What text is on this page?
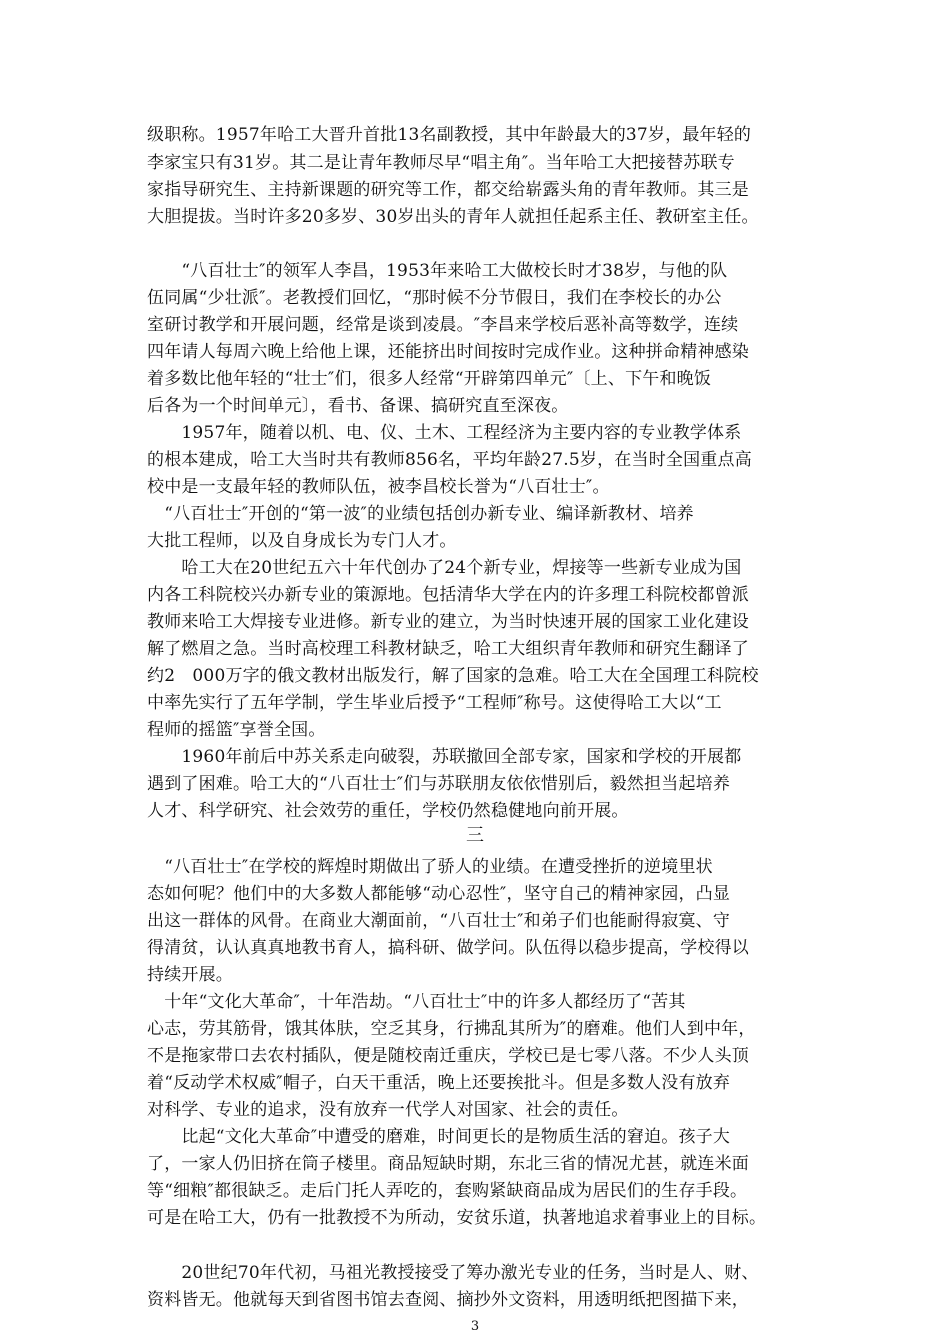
级职称。1957年哈工大晋升首批13名副教授，其中年龄最大的37岁，最年轻的
李家宝只有31岁。其二是让青年教师尽早“唱主角″。当年哈工大把接替苏联专
家指导研究生、主持新课题的研究等工作，都交给崭露头角的青年教师。其三是
大胆提拔。当时许多20多岁、30岁出头的青年人就担任起系主任、教研室主任。
　　“八百壮士″的领军人李昌，1953年来哈工大做校长时才38岁，与他的队
伍同属“少壮派″。老教授们回忆，“那时候不分节假日，我们在李校长的办公
室研讨教学和开展问题，经常是谈到凌晨。″李昌来学校后恶补高等数学，连续
四年请人每周六晚上给他上课，还能挤出时间按时完成作业。这种拼命精神感染
着多数比他年轻的“壮士″们，很多人经常“开辟第四单元″〔上、下午和晚饭
后各为一个时间单元〕，看书、备课、搞研究直至深夜。
　　1957年，随着以机、电、仪、土木、工程经济为主要内容的专业教学体系
的根本建成，哈工大当时共有教师856名，平均年龄27.5岁，在当时全国重点高
校中是一支最年轻的教师队伍，被李昌校长誉为“八百壮士″。
　“八百壮士″开创的“第一波″的业绩包括创办新专业、编译新教材、培养
大批工程师，以及自身成长为专门人才。
　　哈工大在20世纪五六十年代创办了24个新专业，焊接等一些新专业成为国
内各工科院校兴办新专业的策源地。包括清华大学在内的许多理工科院校都曾派
教师来哈工大焊接专业进修。新专业的建立，为当时快速开展的国家工业化建设
解了燃眉之急。当时高校理工科教材缺乏，哈工大组织青年教师和研究生翻译了
约2　000万字的俄文教材出版发行，解了国家的急难。哈工大在全国理工科院校
中率先实行了五年学制，学生毕业后授予“工程师″称号。这使得哈工大以“工
程师的摇篮″享誉全国。
　　1960年前后中苏关系走向破裂，苏联撤回全部专家，国家和学校的开展都
遇到了困难。哈工大的“八百壮士″们与苏联朋友依依惜别后，毅然担当起培养
人才、科学研究、社会效劳的重任，学校仍然稳健地向前开展。
　“八百壮士″在学校的辉煌时期做出了骄人的业绩。在遭受挫折的逆境里状
态如何呢？他们中的大多数人都能够“动心忍性″，坚守自己的精神家园，凸显
出这一群体的风骨。在商业大潮面前，“八百壮士″和弟子们也能耐得寂寞、守
得清贫，认认真真地教书育人，搞科研、做学问。队伍得以稳步提高，学校得以
持续开展。
　十年“文化大革命″，十年浩劫。“八百壮士″中的许多人都经历了“苦其
心志，劳其筋骨，饿其体肤，空乏其身，行拂乱其所为″的磨难。他们人到中年，
不是拖家带口去农村插队，便是随校南迁重庆，学校已是七零八落。不少人头顶
着“反动学术权威″帽子，白天干重活，晚上还要挨批斗。但是多数人没有放弃
对科学、专业的追求，没有放弃一代学人对国家、社会的责任。
　　比起“文化大革命″中遭受的磨难，时间更长的是物质生活的窘迫。孩子大
了，一家人仍旧挤在筒子楼里。商品短缺时期，东北三省的情况尤甚，就连米面
等“细粮″都很缺乏。走后门托人弄吃的，套购紧缺商品成为居民们的生存手段。
可是在哈工大，仍有一批教授不为所动，安贫乐道，执著地追求着事业上的目标。
　　20世纪70年代初，马祖光教授接受了筹办激光专业的任务，当时是人、财、
资料皆无。他就每天到省图书馆去查阅、摘抄外文资料，用透明纸把图描下来，
三
3
